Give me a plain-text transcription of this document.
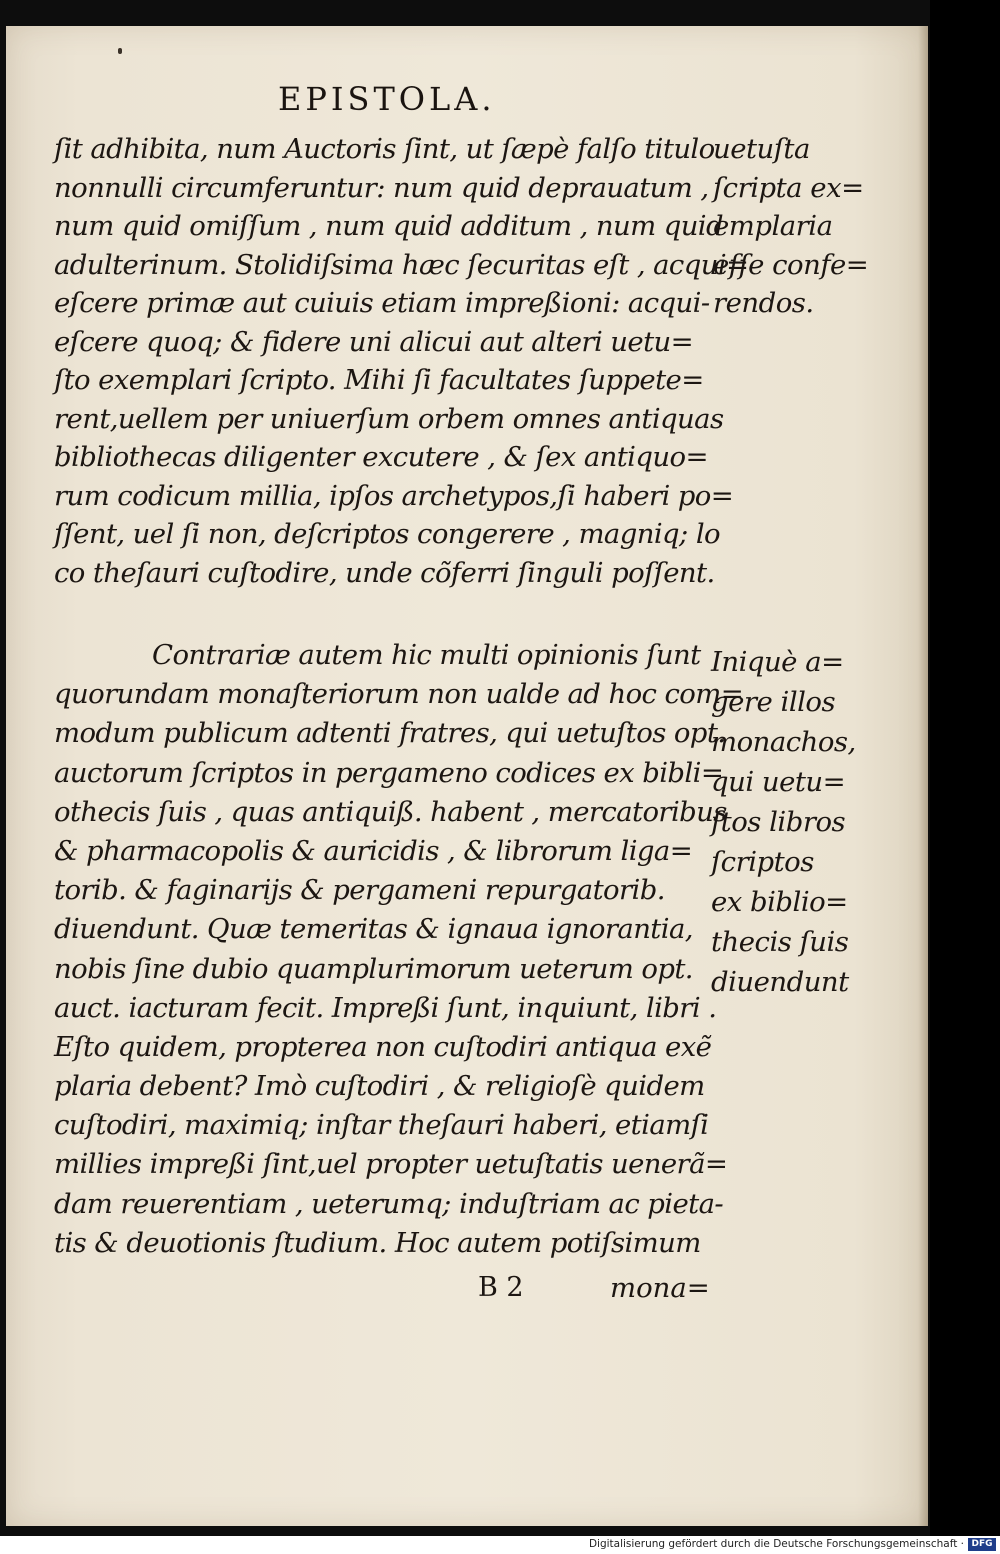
EPISTOLA.
ſit adhibita, num Auctoris ſint, ut ſæpè falſo titulo
nonnulli circumferuntur: num quid deprauatum ,
num quid omiſſum , num quid additum , num quid
adulterinum. Stolidiſsima hæc ſecuritas eſt , acqui=
eſcere primæ aut cuiuis etiam impreßioni: acqui-
eſcere quoq; & fidere uni alicui aut alteri uetu=
ſto exemplari ſcripto. Mihi ſi facultates ſuppete=
rent,uellem per uniuerſum orbem omnes antiquas
bibliothecas diligenter excutere , & ſex antiquo=
rum codicum millia, ipſos archetypos,ſi haberi po=
ſſent, uel ſi non, deſcriptos congerere , magniq; lo
co theſauri cuſtodire, unde cõferri ſinguli poſſent.
uetuſta
ſcripta ex=
emplaria
eſſe confe=
rendos.
Contrariæ autem hic multi opinionis ſunt
quorundam monaſteriorum non ualde ad hoc com=
modum publicum adtenti fratres, qui uetuſtos opt.
auctorum ſcriptos in pergameno codices ex bibli=
othecis ſuis , quas antiquiß. habent , mercatoribus
& pharmacopolis & auricidis , & librorum liga=
torib. & faginarijs & pergameni repurgatorib.
diuendunt. Quæ temeritas & ignaua ignorantia,
nobis ſine dubio quamplurimorum ueterum opt.
auct. iacturam fecit. Impreßi ſunt, inquiunt, libri .
Eſto quidem, propterea non cuſtodiri antiqua exẽ
plaria debent? Imò cuſtodiri , & religioſè quidem
cuſtodiri, maximiq; inſtar theſauri haberi, etiamſi
millies impreßi ſint,uel propter uetuſtatis uenerã=
dam reuerentiam , ueterumq; induſtriam ac pieta-
tis & deuotionis ſtudium. Hoc autem potiſsimum
Iniquè a=
gere illos
monachos,
qui uetu=
ſtos libros
ſcriptos
ex biblio=
thecis ſuis
diuendunt
B 2	mona=
Digitalisierung gefördert durch die Deutsche Forschungsgemeinschaft · DFG
